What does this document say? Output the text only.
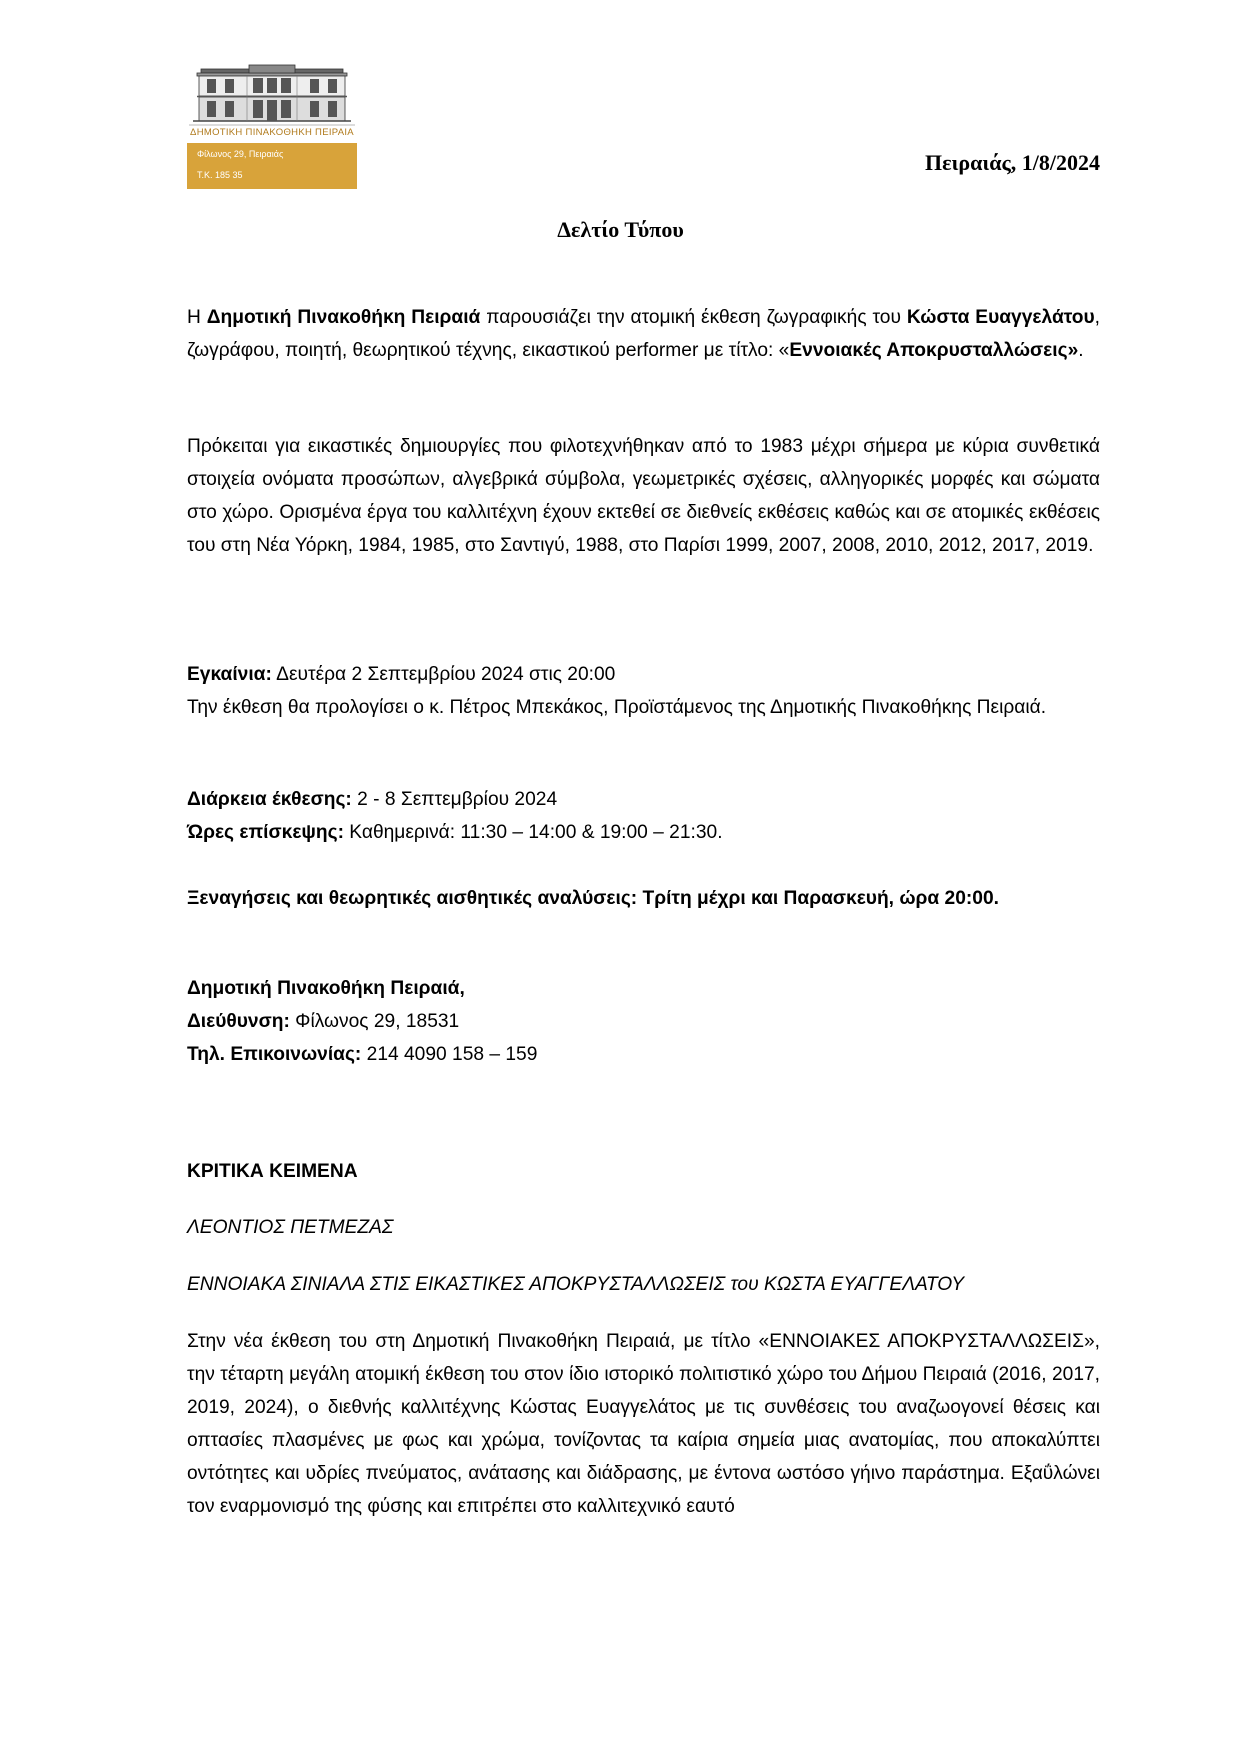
ΔΗΜΟΤΙΚΗ ΠΙΝΑΚΟΘΗΚΗ ΠΕΙΡΑΙΑ
Φίλωνος 29, Πειραιάς
Τ.Κ. 185 35	Πειραιάς, 1/8/2024
Δελτίο Τύπου

Η Δημοτική Πινακοθήκη Πειραιά παρουσιάζει την ατομική έκθεση ζωγραφικής του Κώστα Ευαγγελάτου, ζωγράφου, ποιητή, θεωρητικού τέχνης, εικαστικού performer με τίτλο: «Εννοιακές Αποκρυσταλλώσεις».

Πρόκειται για εικαστικές δημιουργίες που φιλοτεχνήθηκαν από το 1983 μέχρι σήμερα με κύρια συνθετικά στοιχεία ονόματα προσώπων, αλγεβρικά σύμβολα, γεωμετρικές σχέσεις, αλληγορικές μορφές και σώματα στο χώρο. Ορισμένα έργα του καλλιτέχνη έχουν εκτεθεί σε διεθνείς εκθέσεις καθώς και σε ατομικές εκθέσεις του στη Νέα Υόρκη, 1984, 1985, στο Σαντιγύ, 1988, στο Παρίσι 1999, 2007, 2008, 2010, 2012, 2017, 2019.

Εγκαίνια: Δευτέρα 2 Σεπτεμβρίου 2024 στις 20:00

Την έκθεση θα προλογίσει ο κ. Πέτρος Μπεκάκος, Προϊστάμενος της Δημοτικής Πινακοθήκης Πειραιά.

Διάρκεια έκθεσης: 2 - 8 Σεπτεμβρίου 2024

Ώρες επίσκεψης: Καθημερινά: 11:30 – 14:00 & 19:00 – 21:30.

Ξεναγήσεις και θεωρητικές αισθητικές αναλύσεις: Τρίτη μέχρι και Παρασκευή, ώρα 20:00.

Δημοτική Πινακοθήκη Πειραιά,

Διεύθυνση: Φίλωνος 29, 18531

Τηλ. Επικοινωνίας: 214 4090 158 – 159

ΚΡΙΤΙΚΑ ΚΕΙΜΕΝΑ

ΛΕΟΝΤΙΟΣ ΠΕΤΜΕΖΑΣ

ΕΝΝΟΙΑΚΑ ΣΙΝΙΑΛΑ ΣΤΙΣ ΕΙΚΑΣΤΙΚΕΣ ΑΠΟΚΡΥΣΤΑΛΛΩΣΕΙΣ του ΚΩΣΤΑ ΕΥΑΓΓΕΛΑΤΟΥ

Στην νέα έκθεση του στη Δημοτική Πινακοθήκη Πειραιά, με τίτλο «ΕΝΝΟΙΑΚΕΣ ΑΠΟΚΡΥΣΤΑΛΛΩΣΕΙΣ», την τέταρτη μεγάλη ατομική έκθεση του στον ίδιο ιστορικό πολιτιστικό χώρο του Δήμου Πειραιά (2016, 2017, 2019, 2024), ο διεθνής καλλιτέχνης Κώστας Ευαγγελάτος με τις συνθέσεις του αναζωογονεί θέσεις και οπτασίες πλασμένες με φως και χρώμα, τονίζοντας τα καίρια σημεία μιας ανατομίας, που αποκαλύπτει οντότητες και υδρίες πνεύματος, ανάτασης και διάδρασης, με έντονα ωστόσο γήινο παράστημα. Εξαΰλώνει τον εναρμονισμό της φύσης και επιτρέπει στο καλλιτεχνικό εαυτό
